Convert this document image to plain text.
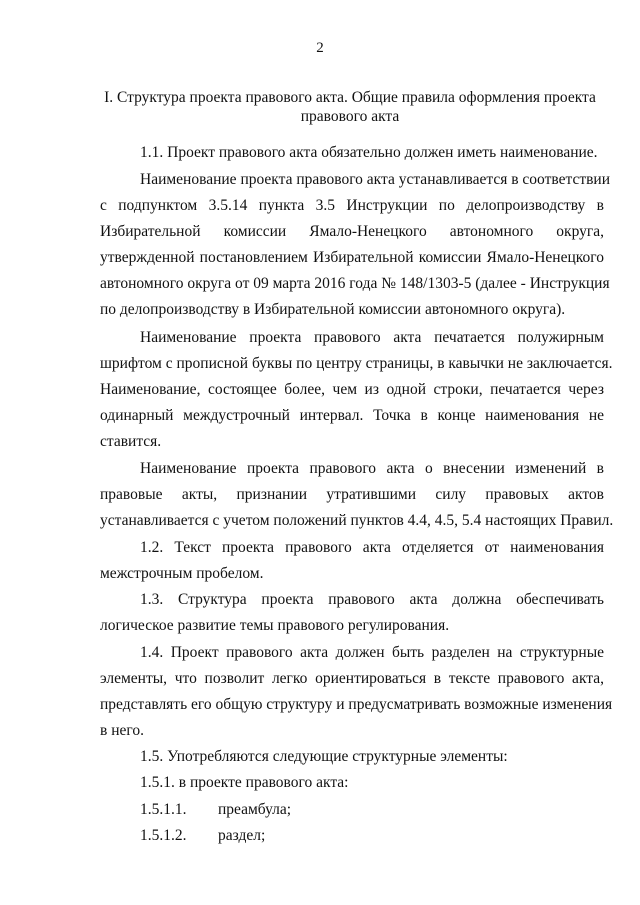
2
I. Структура проекта правового акта. Общие правила оформления проекта
правового акта
1.1. Проект правового акта обязательно должен иметь наименование.
Наименование проекта правового акта устанавливается в соответствии
с подпунктом 3.5.14 пункта 3.5 Инструкции по делопроизводству в
Избирательной комиссии Ямало-Ненецкого автономного округа,
утвержденной постановлением Избирательной комиссии Ямало-Ненецкого
автономного округа от 09 марта 2016 года № 148/1303-5 (далее - Инструкция
по делопроизводству в Избирательной комиссии автономного округа).
Наименование проекта правового акта печатается полужирным
шрифтом с прописной буквы по центру страницы, в кавычки не заключается.
Наименование, состоящее более, чем из одной строки, печатается через
одинарный междустрочный интервал. Точка в конце наименования не
ставится.
Наименование проекта правового акта о внесении изменений в
правовые акты, признании утратившими силу правовых актов
устанавливается с учетом положений пунктов 4.4, 4.5, 5.4 настоящих Правил.
1.2. Текст проекта правового акта отделяется от наименования
межстрочным пробелом.
1.3. Структура проекта правового акта должна обеспечивать
логическое развитие темы правового регулирования.
1.4. Проект правового акта должен быть разделен на структурные
элементы, что позволит легко ориентироваться в тексте правового акта,
представлять его общую структуру и предусматривать возможные изменения
в него.
1.5. Употребляются следующие структурные элементы:
1.5.1. в проекте правового акта:
1.5.1.1. преамбула;
1.5.1.2. раздел;
